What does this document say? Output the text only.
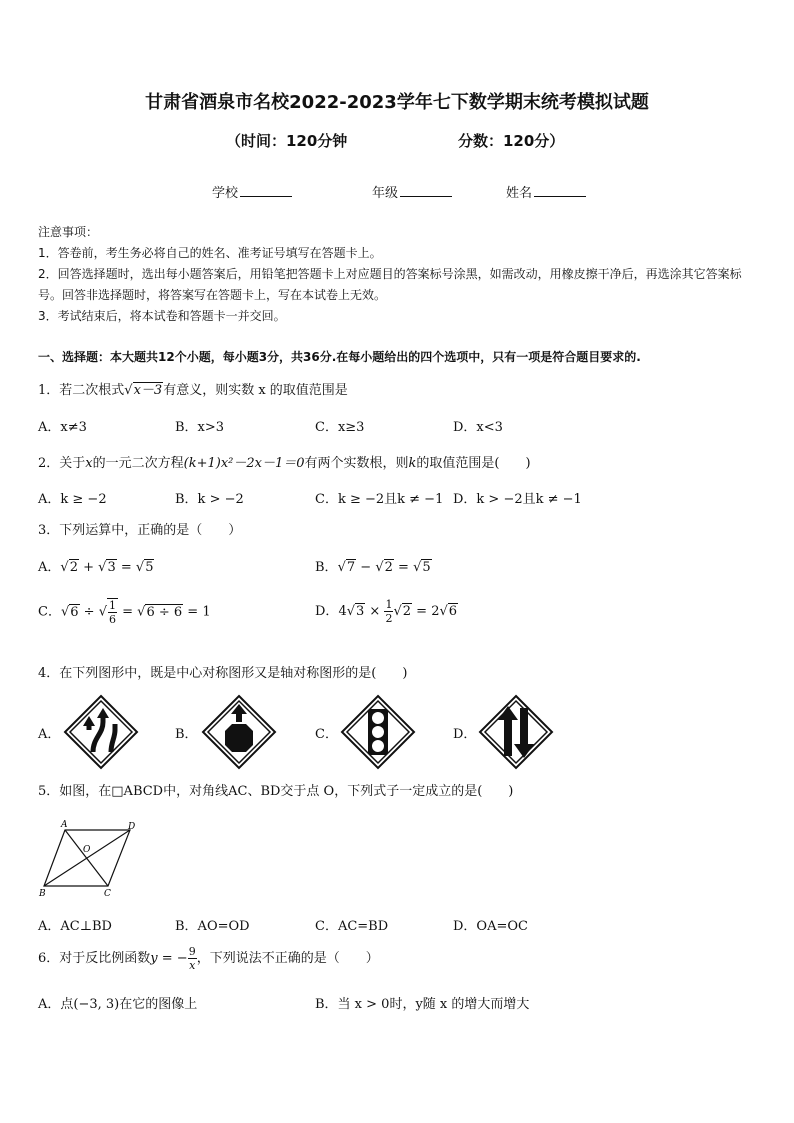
甘肃省酒泉市名校2022-2023学年七下数学期末统考模拟试题
（时间：120分钟	分数：120分）
学校	年级	姓名
注意事项：
1．答卷前，考生务必将自己的姓名、准考证号填写在答题卡上。
2．回答选择题时，选出每小题答案后，用铅笔把答题卡上对应题目的答案标号涂黑，如需改动，用橡皮擦干净后，再选涂其它答案标号。回答非选择题时，将答案写在答题卡上，写在本试卷上无效。
3．考试结束后，将本试卷和答题卡一并交回。
一、选择题：本大题共12个小题，每小题3分，共36分.在每小题给出的四个选项中，只有一项是符合题目要求的.
1．若二次根式√x－3有意义，则实数 x 的取值范围是
A．x≠3	B．x>3	C．x≥3	D．x<3
2．关于x的一元二次方程(k+1)x²－2x－1＝0有两个实数根，则k的取值范围是(　　)
A．k ≥ −2	B．k > −2	C．k ≥ −2且k ≠ −1 D．k > −2且k ≠ −1
3．下列运算中，正确的是（　　）
A．√2 + √3 = √5	B．√7 − √2 = √5
C．√6 ÷ √ $\frac{1}{6} = √6 \div 6 = 1$	D．$4√3 \times \frac{1}{2} √2 = 2√6$
4．在下列图形中，既是中心对称图形又是轴对称图形的是(　　)
A．	B．	C．	D．
5．如图，在□ABCD中，对角线AC、BD交于点 O，下列式子一定成立的是(　　)
A	D
O
B	C
A．AC⊥BD	B．AO=OD	C．AC=BD	D．OA=OC
6．对于反比例函数y = − $\frac{9}{x}$ ，下列说法不正确的是（　　）
A．点(−3, 3)在它的图像上	B．当 x > 0时，y随 x 的增大而增大
